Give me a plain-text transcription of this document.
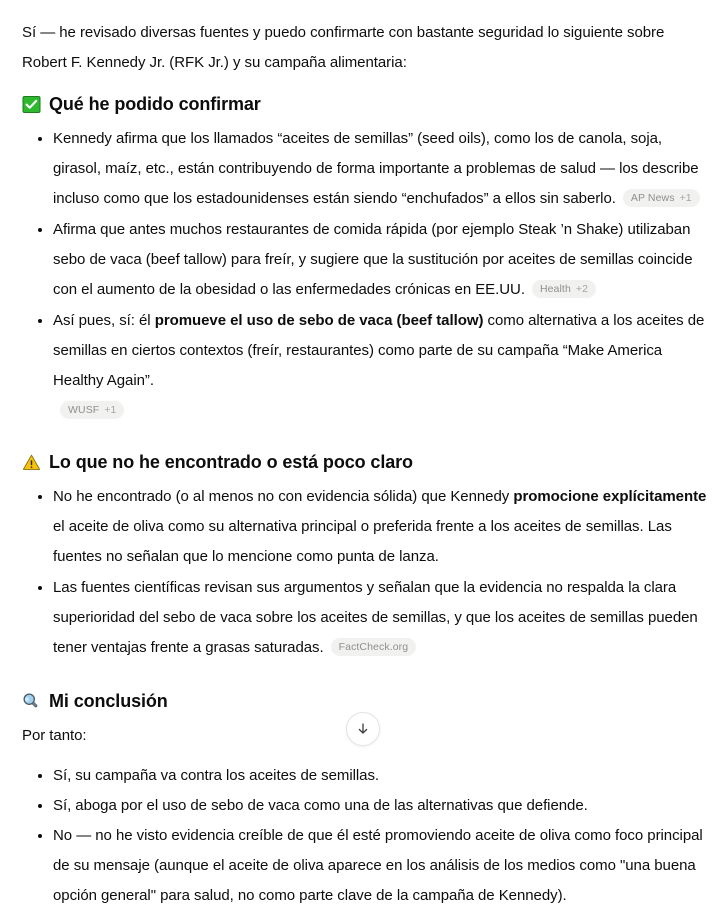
Sí — he revisado diversas fuentes y puedo confirmarte con bastante seguridad lo siguiente sobre Robert F. Kennedy Jr. (RFK Jr.) y su campaña alimentaria:

Qué he podido confirmar
Kennedy afirma que los llamados “aceites de semillas” (seed oils), como los de canola, soja, girasol, maíz, etc., están contribuyendo de forma importante a problemas de salud — los describe incluso como que los estadounidenses están siendo “enchufados” a ellos sin saberlo. AP News +1
Afirma que antes muchos restaurantes de comida rápida (por ejemplo Steak ’n Shake) utilizaban sebo de vaca (beef tallow) para freír, y sugiere que la sustitución por aceites de semillas coincide con el aumento de la obesidad o las enfermedades crónicas en EE.UU. Health +2
Así pues, sí: él promueve el uso de sebo de vaca (beef tallow) como alternativa a los aceites de semillas en ciertos contextos (freír, restaurantes) como parte de su campaña “Make America Healthy Again”.

WUSF +1
Lo que no he encontrado o está poco claro
No he encontrado (o al menos no con evidencia sólida) que Kennedy promocione explícitamente el aceite de oliva como su alternativa principal o preferida frente a los aceites de semillas. Las fuentes no señalan que lo mencione como punta de lanza.
Las fuentes científicas revisan sus argumentos y señalan que la evidencia no respalda la clara superioridad del sebo de vaca sobre los aceites de semillas, y que los aceites de semillas pueden tener ventajas frente a grasas saturadas. FactCheck.org
Mi conclusión

Por tanto:

Sí, su campaña va contra los aceites de semillas.
Sí, aboga por el uso de sebo de vaca como una de las alternativas que defiende.
No — no he visto evidencia creíble de que él esté promoviendo aceite de oliva como foco principal de su mensaje (aunque el aceite de oliva aparece en los análisis de los medios como "una buena opción general" para salud, no como parte clave de la campaña de Kennedy).
